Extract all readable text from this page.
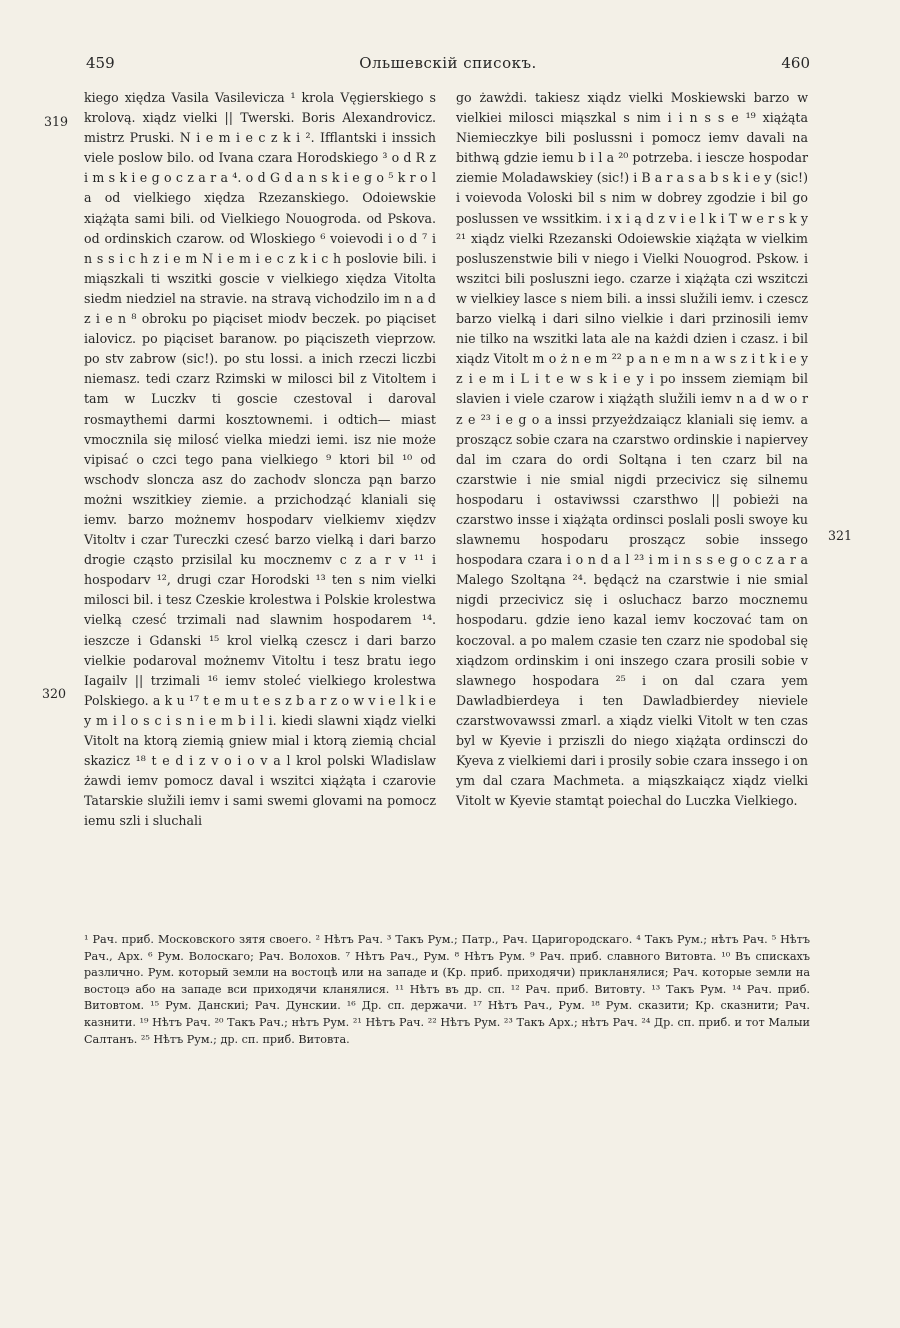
459	Ольшевскій списокъ.	460
319
320
321

kiego xiędza Vasila Vasilevicza ¹ krola Vęgierskiego s krolovą. xiądz vielki || Twerski. Boris Alexandrovicz. mistrz Pruski. N i e m i e c z k i ². Ifflantski i inssich viele poslow bilo. od Ivana czara Horodskiego ³ o d R z i m s k i e g o c z a r a ⁴. o d G d a n s k i e g o ⁵ k r o l a od vielkiego xiędza Rzezanskiego. Odoiewskie xiążąta sami bili. od Vielkiego Nouogroda. od Pskova. od ordinskich czarow. od Wloskiego ⁶ voievodi i o d ⁷ i n s s i c h z i e m N i e m i e c z k i c h poslovie bili. i miąszkali ti wszitki goscie v vielkiego xiędza Vitolta siedm niedziel na stravie. na stravą vichodzilo im n a d z i e n ⁸ obroku po piąciset miodv beczek. po piąciset ialovicz. po piąciset baranow. po piąciszeth vieprzow. po stv zabrow (sic!). po stu lossi. a inich rzeczi liczbi niemasz. tedi czarz Rzimski w milosci bil z Vitoltem i tam w Luczkv ti goscie czestoval i daroval rosmaythemi darmi kosztownemi. i odtich— miast vmocznila się milosć vielka miedzi iemi. isz nie może vipisać o czci tego pana vielkiego ⁹ ktori bil ¹⁰ od wschodv sloncza asz do zachodv sloncza pąn barzo możni wszitkiey ziemie. a przichodząć klaniali się iemv. barzo możnemv hospodarv vielkiemv xiędzv Vitoltv i czar Tureczki czesć barzo vielką i dari barzo drogie cząsto przisilal ku mocznemv c z a r v ¹¹ i hospodarv ¹², drugi czar Horodski ¹³ ten s nim vielki milosci bil. i tesz Czeskie krolestwa i Polskie krolestwa vielką czesć trzimali nad slawnim hospodarem ¹⁴. ieszcze i Gdanski ¹⁵ krol vielką czescz i dari barzo vielkie podaroval możnemv Vitoltu i tesz bratu iego Iagailv || trzimali ¹⁶ iemv stolеć vielkiego krolestwa Polskiego. a k u ¹⁷ t e m u t e s z b a r z o w v i e l k i e y m i l o s c i s n i e m b i l i. kiedi slawni xiądz vielki Vitolt na ktorą ziemią gniew mial i ktorą ziemią chcial skazicz ¹⁸ t e d i z v o i o v a l krol polski Wladislaw żawdi iemv pomocz daval i wszitci xiążąta i czarovie Tatarskie služili iemv i sami swemi glovami na pomocz iemu szli i sluchali

go żawżdi. takiesz xiądz vielki Moskiewski barzo w vielkiei milosci miąszkal s nim i i n s s e ¹⁹ xiążąta Niemieczkye bili poslussni i pomocz iemv davali na bithwą gdzie iemu b i l a ²⁰ potrzeba. i iescze hospodar ziemie Moladawskiey (sic!) i B a r a s a b s k i e y (sic!) i voievoda Voloski bil s nim w dobrey zgodzie i bil go poslussen ve wssitkim. i x i ą d z v i e l k i T w e r s k y ²¹ xiądz vielki Rzezanski Odoiewskie xiążąta w vielkim posluszenstwie bili v niego i Vielki Nouogrod. Pskow. i wszitci bili posluszni iego. czarze i xiążąta czi wszitczi w vielkiey lasce s niem bili. a inssi služili iemv. i czescz barzo vielką i dari silno vielkie i dari przinosili iemv nie tilko na wszitki lata ale na każdi dzien i czasz. i bil xiądz Vitolt m o ż n e m ²² p a n e m n a w s z i t k i e y z i e m i L i t e w s k i e y i po inssem ziemiąm bil slavien i viele czarow i xiążąth služili iemv n a d w o r z e ²³ i e g o a inssi przyeżdzaiącz klaniali się iemv. a proszącz sobie czara na czarstwo ordinskie i napiervey dal im czara do ordi Soltąna i ten czarz bil na czarstwie i nie smial nigdi przecivicz się silnemu hospodaru i ostaviwssi czarsthwo || pobieżi na czarstwo insse i xiążąta ordinsci poslali posli swoye ku slawnemu hospodaru prosząсz sobie inssego hospodara czara i o n d a l ²³ i m i n s s e g o c z a r a Malego Szoltąna ²⁴. będącż na czarstwie i nie smial nigdi przecivicz się i osluchacz barzo mocznemu hospodaru. gdzie ieno kazal iemv koczovać tam on koczoval. a po malem czasie ten czarz nie spodobal się xiądzom ordinskim i oni inszego czara prosili sobie v slawnego hospodara ²⁵ i on dal czara yem Dawladbierdeya i ten Dawladbierdey nieviele czarstwovawssi zmarl. a xiądz vielki Vitolt w ten czas byl w Kyevie i prziszli do niego xiążąta ordinsczi do Kyeva z vielkiemi dari i prosily sobie czara inssego i on ym dal czara Machmeta. a miąszkaiącz xiądz vielki Vitolt w Kyevie stamtąt poiechal do Luczka Vielkiego.

¹ Рач. приб. Московского зятя своего. ² Нѣтъ Рач. ³ Такъ Рум.; Патр., Рач. Царигородскаго. ⁴ Такъ Рум.; нѣтъ Рач. ⁵ Нѣтъ Рач., Арх. ⁶ Рум. Волоскаго; Рач. Волохов. ⁷ Нѣтъ Рач., Рум. ⁸ Нѣтъ Рум. ⁹ Рач. приб. славного Витовта. ¹⁰ Въ спискахъ различно. Рум. который земли на востоцѣ или на западе и (Кр. приб. приходячи) прикланялися; Рач. которые земли на востоцэ або на западе вси приходячи кланялися. ¹¹ Нѣтъ въ др. сп. ¹² Рач. приб. Витовту. ¹³ Такъ Рум. ¹⁴ Рач. приб. Витовтом. ¹⁵ Рум. Данскиі; Рач. Дунскии. ¹⁶ Др. сп. держачи. ¹⁷ Нѣтъ Рач., Рум. ¹⁸ Рум. сказити; Кр. сказнити; Рач. казнити. ¹⁹ Нѣтъ Рач. ²⁰ Такъ Рач.; нѣтъ Рум. ²¹ Нѣтъ Рач. ²² Нѣтъ Рум. ²³ Такъ Арх.; нѣтъ Рач. ²⁴ Др. сп. приб. и тот Малыи Салтанъ. ²⁵ Нѣтъ Рум.; др. сп. приб. Витовта.
